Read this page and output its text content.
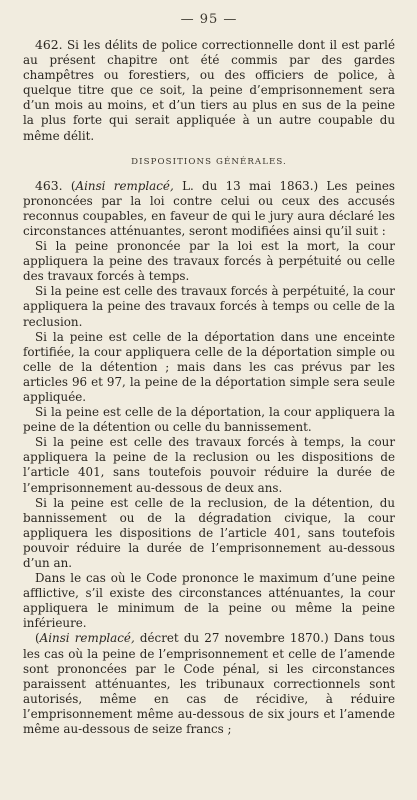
— 95 —

462. Si les délits de police correctionnelle dont il est parlé au présent chapitre ont été commis par des gardes champêtres ou forestiers, ou des officiers de police, à quelque titre que ce soit, la peine d’emprisonnement sera d’un mois au moins, et d’un tiers au plus en sus de la peine la plus forte qui serait appliquée à un autre coupable du même délit.

DISPOSITIONS GÉNÉRALES.

463. (Ainsi remplacé, L. du 13 mai 1863.) Les peines prononcées par la loi contre celui ou ceux des accusés reconnus coupables, en faveur de qui le jury aura déclaré les circonstances atténuantes, seront modifiées ainsi qu’il suit :

Si la peine prononcée par la loi est la mort, la cour appliquera la peine des travaux forcés à perpétuité ou celle des travaux forcés à temps.

Si la peine est celle des travaux forcés à perpétuité, la cour appliquera la peine des travaux forcés à temps ou celle de la reclusion.

Si la peine est celle de la déportation dans une enceinte fortifiée, la cour appliquera celle de la déportation simple ou celle de la détention ; mais dans les cas prévus par les articles 96 et 97, la peine de la déportation simple sera seule appliquée.

Si la peine est celle de la déportation, la cour appliquera la peine de la détention ou celle du bannissement.

Si la peine est celle des travaux forcés à temps, la cour appliquera la peine de la reclusion ou les dispositions de l’article 401, sans toutefois pouvoir réduire la durée de l’emprisonnement au-dessous de deux ans.

Si la peine est celle de la reclusion, de la détention, du bannissement ou de la dégradation civique, la cour appliquera les dispositions de l’article 401, sans toutefois pouvoir réduire la durée de l’emprisonnement au-dessous d’un an.

Dans le cas où le Code prononce le maximum d’une peine afflictive, s’il existe des circonstances atténuantes, la cour appliquera le minimum de la peine ou même la peine inférieure.

(Ainsi remplacé, décret du 27 novembre 1870.) Dans tous les cas où la peine de l’emprisonnement et celle de l’amende sont prononcées par le Code pénal, si les circonstances paraissent atténuantes, les tribunaux correctionnels sont autorisés, même en cas de récidive, à réduire l’emprisonnement même au-dessous de six jours et l’amende même au-dessous de seize francs ;
